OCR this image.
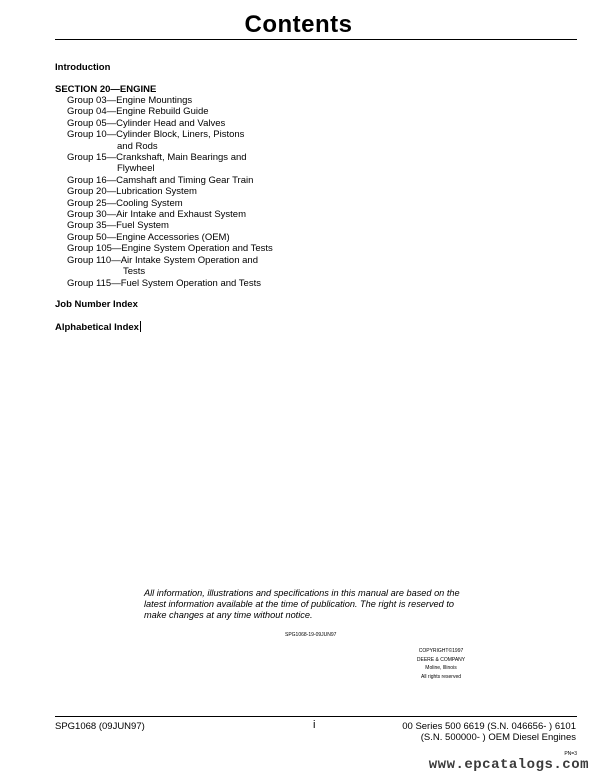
Contents
Introduction
SECTION 20—ENGINE
Group 03—Engine Mountings
Group 04—Engine Rebuild Guide
Group 05—Cylinder Head and Valves
Group 10—Cylinder Block, Liners, Pistons
and Rods
Group 15—Crankshaft, Main Bearings and
Flywheel
Group 16—Camshaft and Timing Gear Train
Group 20—Lubrication System
Group 25—Cooling System
Group 30—Air Intake and Exhaust System
Group 35—Fuel System
Group 50—Engine Accessories (OEM)
Group 105—Engine System Operation and Tests
Group 110—Air Intake System Operation and
Tests
Group 115—Fuel System Operation and Tests
Job Number Index
Alphabetical Index
All information, illustrations and specifications in this manual are based on the latest information available at the time of publication. The right is reserved to make changes at any time without notice.
SPG1068-19-09JUN97
COPYRIGHT©1997
DEERE & COMPANY
Moline, Illinois
All rights reserved
SPG1068 (09JUN97)	i	00 Series 500 6619 (S.N. 046656- ) 6101
(S.N. 500000- ) OEM Diesel Engines
PN=3
www.epcatalogs.com
